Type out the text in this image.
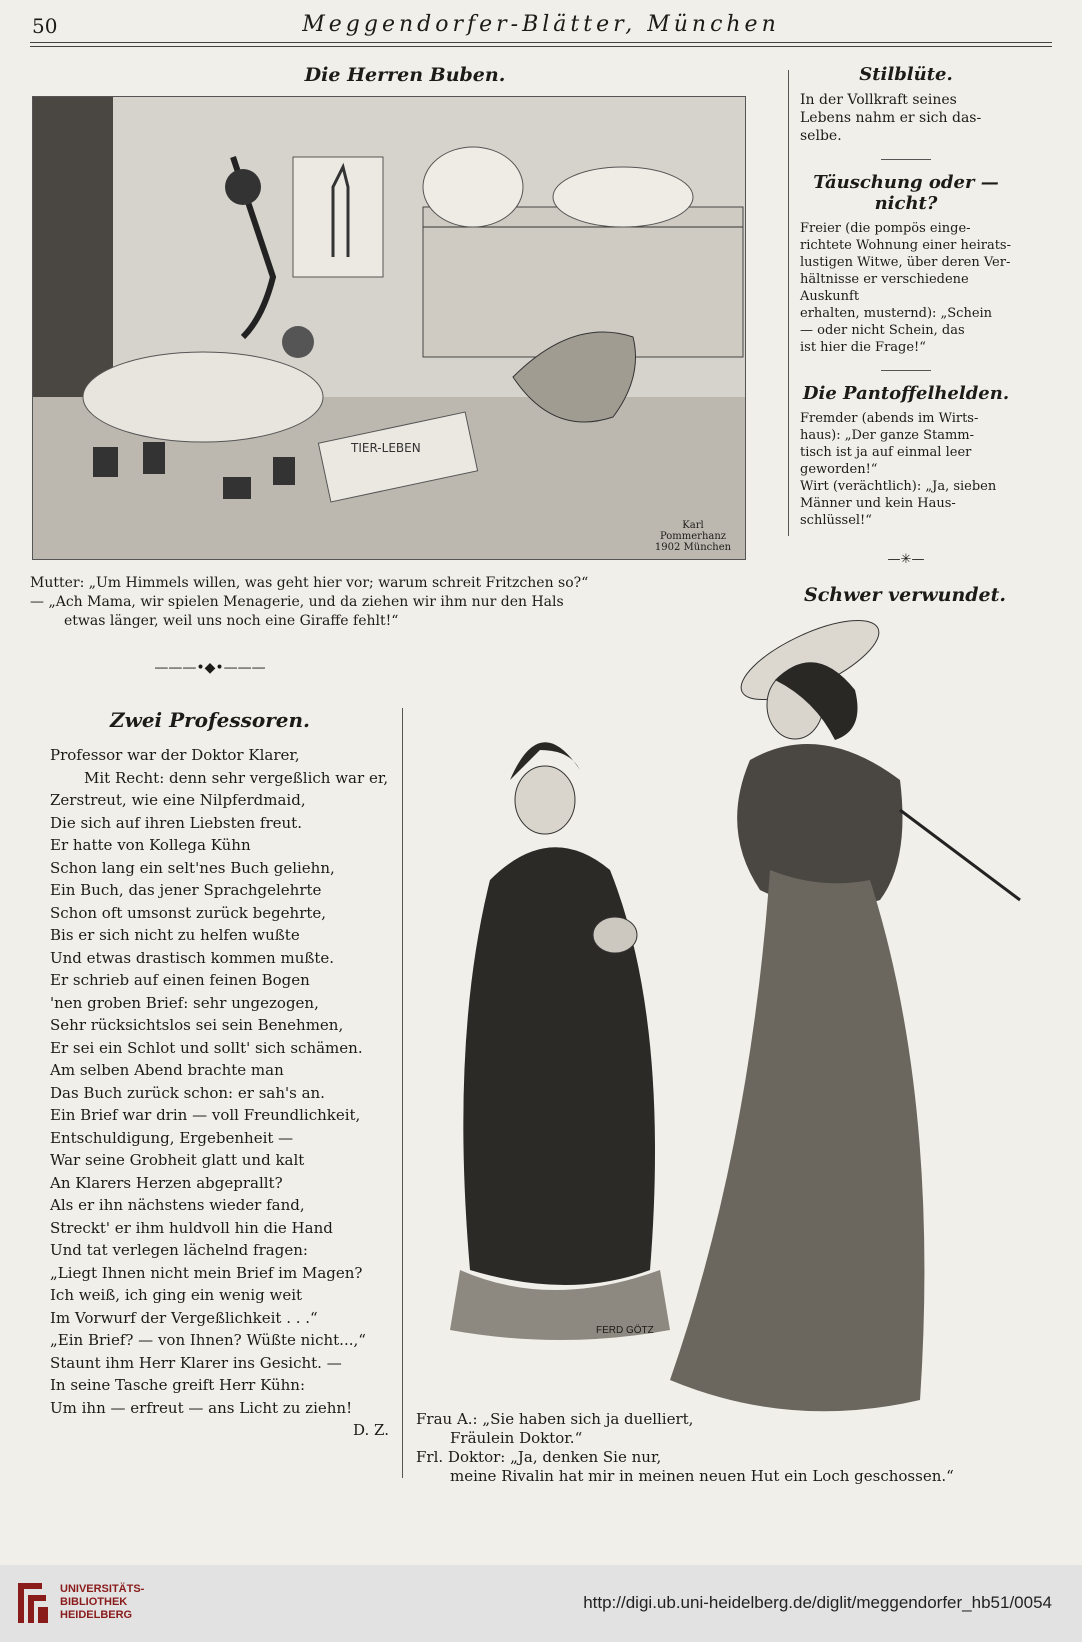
50	Meggendorfer-Blätter, München
Die Herren Buben.
TIER-LEBEN
Karl Pommerhanz 1902 München
Mutter: „Um Himmels willen, was geht hier vor; warum schreit Fritzchen so?“
— „Ach Mama, wir spielen Menagerie, und da ziehen wir ihm nur den Hals
etwas länger, weil uns noch eine Giraffe fehlt!“
Stilblüte.
In der Vollkraft seines
Lebens nahm er sich das-
selbe.
Täuschung oder — nicht?
Freier (die pompös einge-
richtete Wohnung einer heirats-
lustigen Witwe, über deren Ver-
hältnisse er verschiedene Auskunft
erhalten, musternd): „Schein
— oder nicht Schein, das
ist hier die Frage!“
Die Pantoffelhelden.
Fremder (abends im Wirts-
haus): „Der ganze Stamm-
tisch ist ja auf einmal leer
geworden!“
Wirt (verächtlich): „Ja, sieben
Männer und kein Haus-
schlüssel!“
—✳—
Schwer verwundet.
———•◆•———
Zwei Professoren.
Professor war der Doktor Klarer,
Mit Recht: denn sehr vergeßlich war er,
Zerstreut, wie eine Nilpferdmaid,
Die sich auf ihren Liebsten freut.
Er hatte von Kollega Kühn
Schon lang ein selt'nes Buch geliehn,
Ein Buch, das jener Sprachgelehrte
Schon oft umsonst zurück begehrte,
Bis er sich nicht zu helfen wußte
Und etwas drastisch kommen mußte.
Er schrieb auf einen feinen Bogen
'nen groben Brief: sehr ungezogen,
Sehr rücksichtslos sei sein Benehmen,
Er sei ein Schlot und sollt' sich schämen.
Am selben Abend brachte man
Das Buch zurück schon: er sah's an.
Ein Brief war drin — voll Freundlichkeit,
Entschuldigung, Ergebenheit —
War seine Grobheit glatt und kalt
An Klarers Herzen abgeprallt?
Als er ihn nächstens wieder fand,
Streckt' er ihm huldvoll hin die Hand
Und tat verlegen lächelnd fragen:
„Liegt Ihnen nicht mein Brief im Magen?
Ich weiß, ich ging ein wenig weit
Im Vorwurf der Vergeßlichkeit . . .“
„Ein Brief? — von Ihnen? Wüßte nicht...,“
Staunt ihm Herr Klarer ins Gesicht. —
In seine Tasche greift Herr Kühn:
Um ihn — erfreut — ans Licht zu ziehn!
D. Z.
FERD GÖTZ
Frau A.: „Sie haben sich ja duelliert,
Fräulein Doktor.“
Frl. Doktor: „Ja, denken Sie nur,
meine Rivalin hat mir in meinen neuen Hut ein Loch geschossen.“
UNIVERSITÄTS-
BIBLIOTHEK
HEIDELBERG
http://digi.ub.uni-heidelberg.de/diglit/meggendorfer_hb51/0054
